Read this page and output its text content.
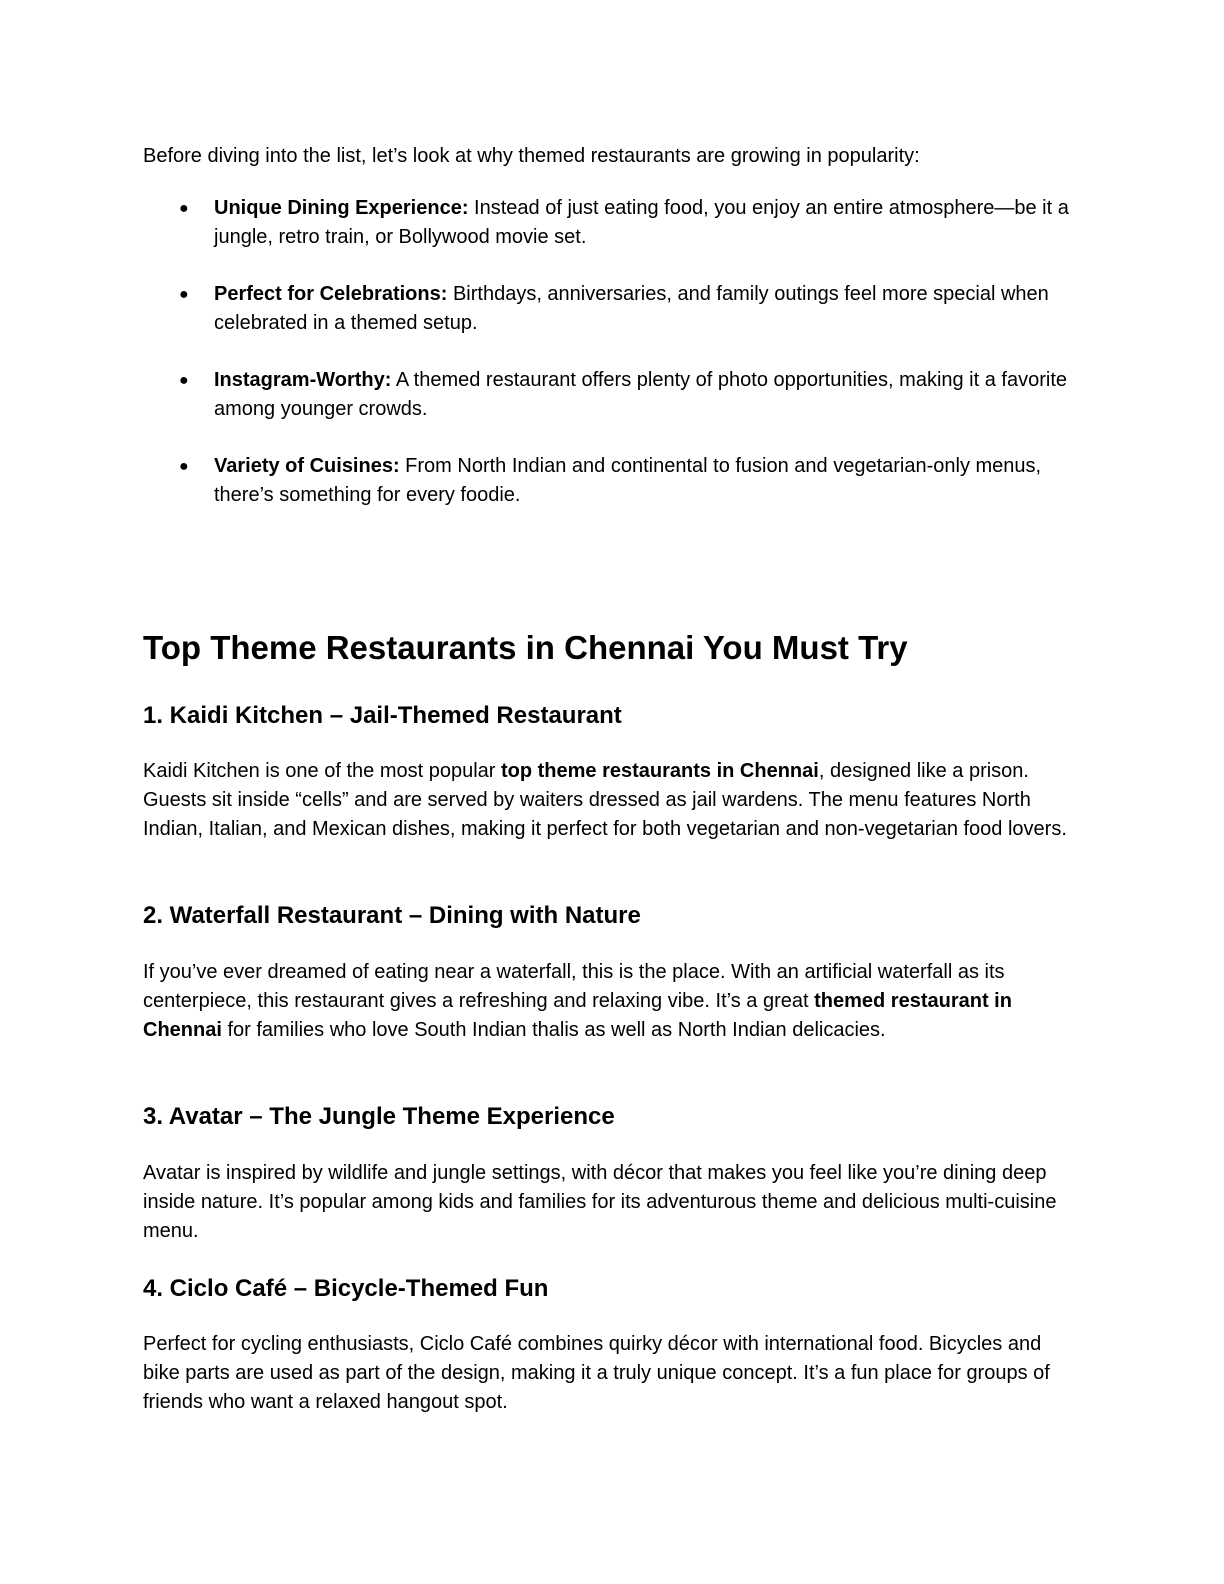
Before diving into the list, let’s look at why themed restaurants are growing in popularity:

● Unique Dining Experience: Instead of just eating food, you enjoy an entire atmosphere—be it a jungle, retro train, or Bollywood movie set.
● Perfect for Celebrations: Birthdays, anniversaries, and family outings feel more special when celebrated in a themed setup.
● Instagram-Worthy: A themed restaurant offers plenty of photo opportunities, making it a favorite among younger crowds.
● Variety of Cuisines: From North Indian and continental to fusion and vegetarian-only menus, there’s something for every foodie.
Top Theme Restaurants in Chennai You Must Try
1. Kaidi Kitchen – Jail-Themed Restaurant

Kaidi Kitchen is one of the most popular top theme restaurants in Chennai, designed like a prison. Guests sit inside “cells” and are served by waiters dressed as jail wardens. The menu features North Indian, Italian, and Mexican dishes, making it perfect for both vegetarian and non-vegetarian food lovers.

2. Waterfall Restaurant – Dining with Nature

If you’ve ever dreamed of eating near a waterfall, this is the place. With an artificial waterfall as its centerpiece, this restaurant gives a refreshing and relaxing vibe. It’s a great themed restaurant in Chennai for families who love South Indian thalis as well as North Indian delicacies.

3. Avatar – The Jungle Theme Experience

Avatar is inspired by wildlife and jungle settings, with décor that makes you feel like you’re dining deep inside nature. It’s popular among kids and families for its adventurous theme and delicious multi-cuisine menu.

4. Ciclo Café – Bicycle-Themed Fun

Perfect for cycling enthusiasts, Ciclo Café combines quirky décor with international food. Bicycles and bike parts are used as part of the design, making it a truly unique concept. It’s a fun place for groups of friends who want a relaxed hangout spot.
